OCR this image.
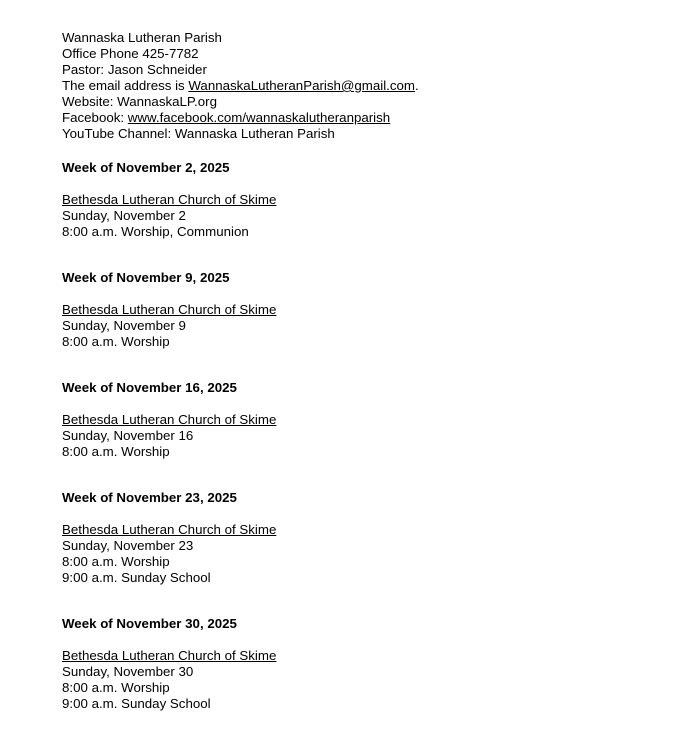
Wannaska Lutheran Parish
Office Phone 425-7782
Pastor: Jason Schneider
The email address is WannaskaLutheranParish@gmail.com.
Website: WannaskaLP.org
Facebook: www.facebook.com/wannaskalutheranparish
YouTube Channel: Wannaska Lutheran Parish
Week of November 2, 2025
Bethesda Lutheran Church of Skime
Sunday, November 2
8:00 a.m. Worship, Communion
Week of November 9, 2025
Bethesda Lutheran Church of Skime
Sunday, November 9
8:00 a.m. Worship
Week of November 16, 2025
Bethesda Lutheran Church of Skime
Sunday, November 16
8:00 a.m. Worship
Week of November 23, 2025
Bethesda Lutheran Church of Skime
Sunday, November 23
8:00 a.m. Worship
9:00 a.m. Sunday School
Week of November 30, 2025
Bethesda Lutheran Church of Skime
Sunday, November 30
8:00 a.m. Worship
9:00 a.m. Sunday School
